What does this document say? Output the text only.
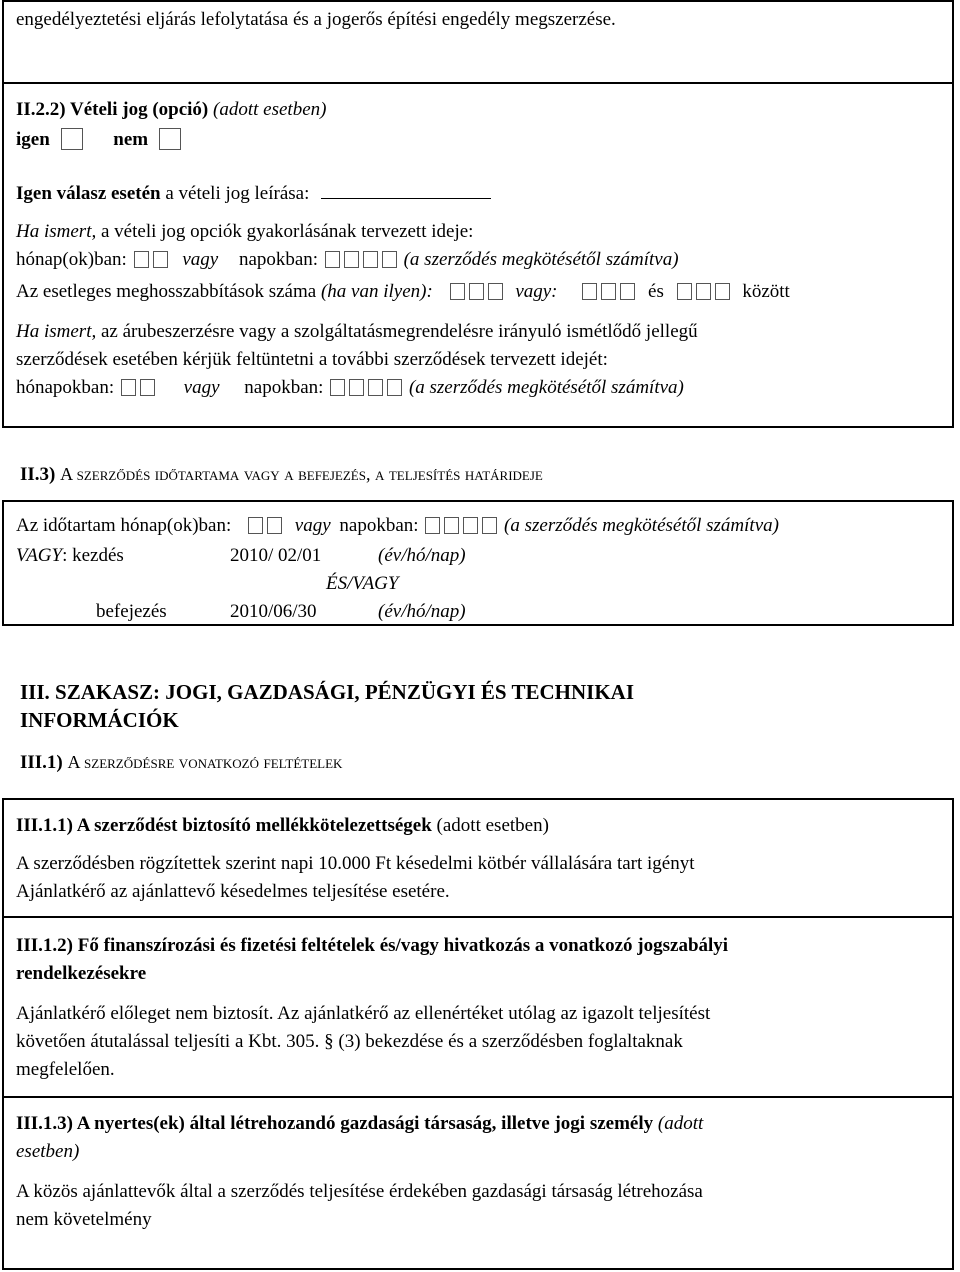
engedélyeztetési eljárás lefolytatása és a jogerős építési engedély megszerzése.
II.2.2) Vételi jog (opció) (adott esetben)
igen	nem
Igen válasz esetén a vételi jog leírása:
Ha ismert, a vételi jog opciók gyakorlásának tervezett ideje:
hónap(ok)ban:	vagy napokban:	(a szerződés megkötésétől számítva)
Az esetleges meghosszabbítások száma (ha van ilyen):	vagy:	és	között
Ha ismert, az árubeszerzésre vagy a szolgáltatásmegrendelésre irányuló ismétlődő jellegű
szerződések esetében kérjük feltüntetni a további szerződések tervezett idejét:
hónapokban:	vagy napokban:	(a szerződés megkötésétől számítva)
II.3) A szerződés időtartama vagy a befejezés, a teljesítés határideje
Az időtartam hónap(ok)ban:	vagy napokban:	(a szerződés megkötésétől számítva)
VAGY: kezdés	2010/ 02/01	(év/hó/nap)
ÉS/VAGY
befejezés	2010/06/30	(év/hó/nap)
III. SZAKASZ: JOGI, GAZDASÁGI, PÉNZÜGYI ÉS TECHNIKAI
INFORMÁCIÓK
III.1) A szerződésre vonatkozó feltételek
III.1.1) A szerződést biztosító mellékkötelezettségek (adott esetben)
A szerződésben rögzítettek szerint napi 10.000 Ft késedelmi kötbér vállalására tart igényt
Ajánlatkérő az ajánlattevő késedelmes teljesítése esetére.
III.1.2) Fő finanszírozási és fizetési feltételek és/vagy hivatkozás a vonatkozó jogszabályi
rendelkezésekre
Ajánlatkérő előleget nem biztosít. Az ajánlatkérő az ellenértéket utólag az igazolt teljesítést
követően átutalással teljesíti a Kbt. 305. § (3) bekezdése és a szerződésben foglaltaknak
megfelelően.
III.1.3) A nyertes(ek) által létrehozandó gazdasági társaság, illetve jogi személy (adott
esetben)
A közös ajánlattevők által a szerződés teljesítése érdekében gazdasági társaság létrehozása
nem követelmény
